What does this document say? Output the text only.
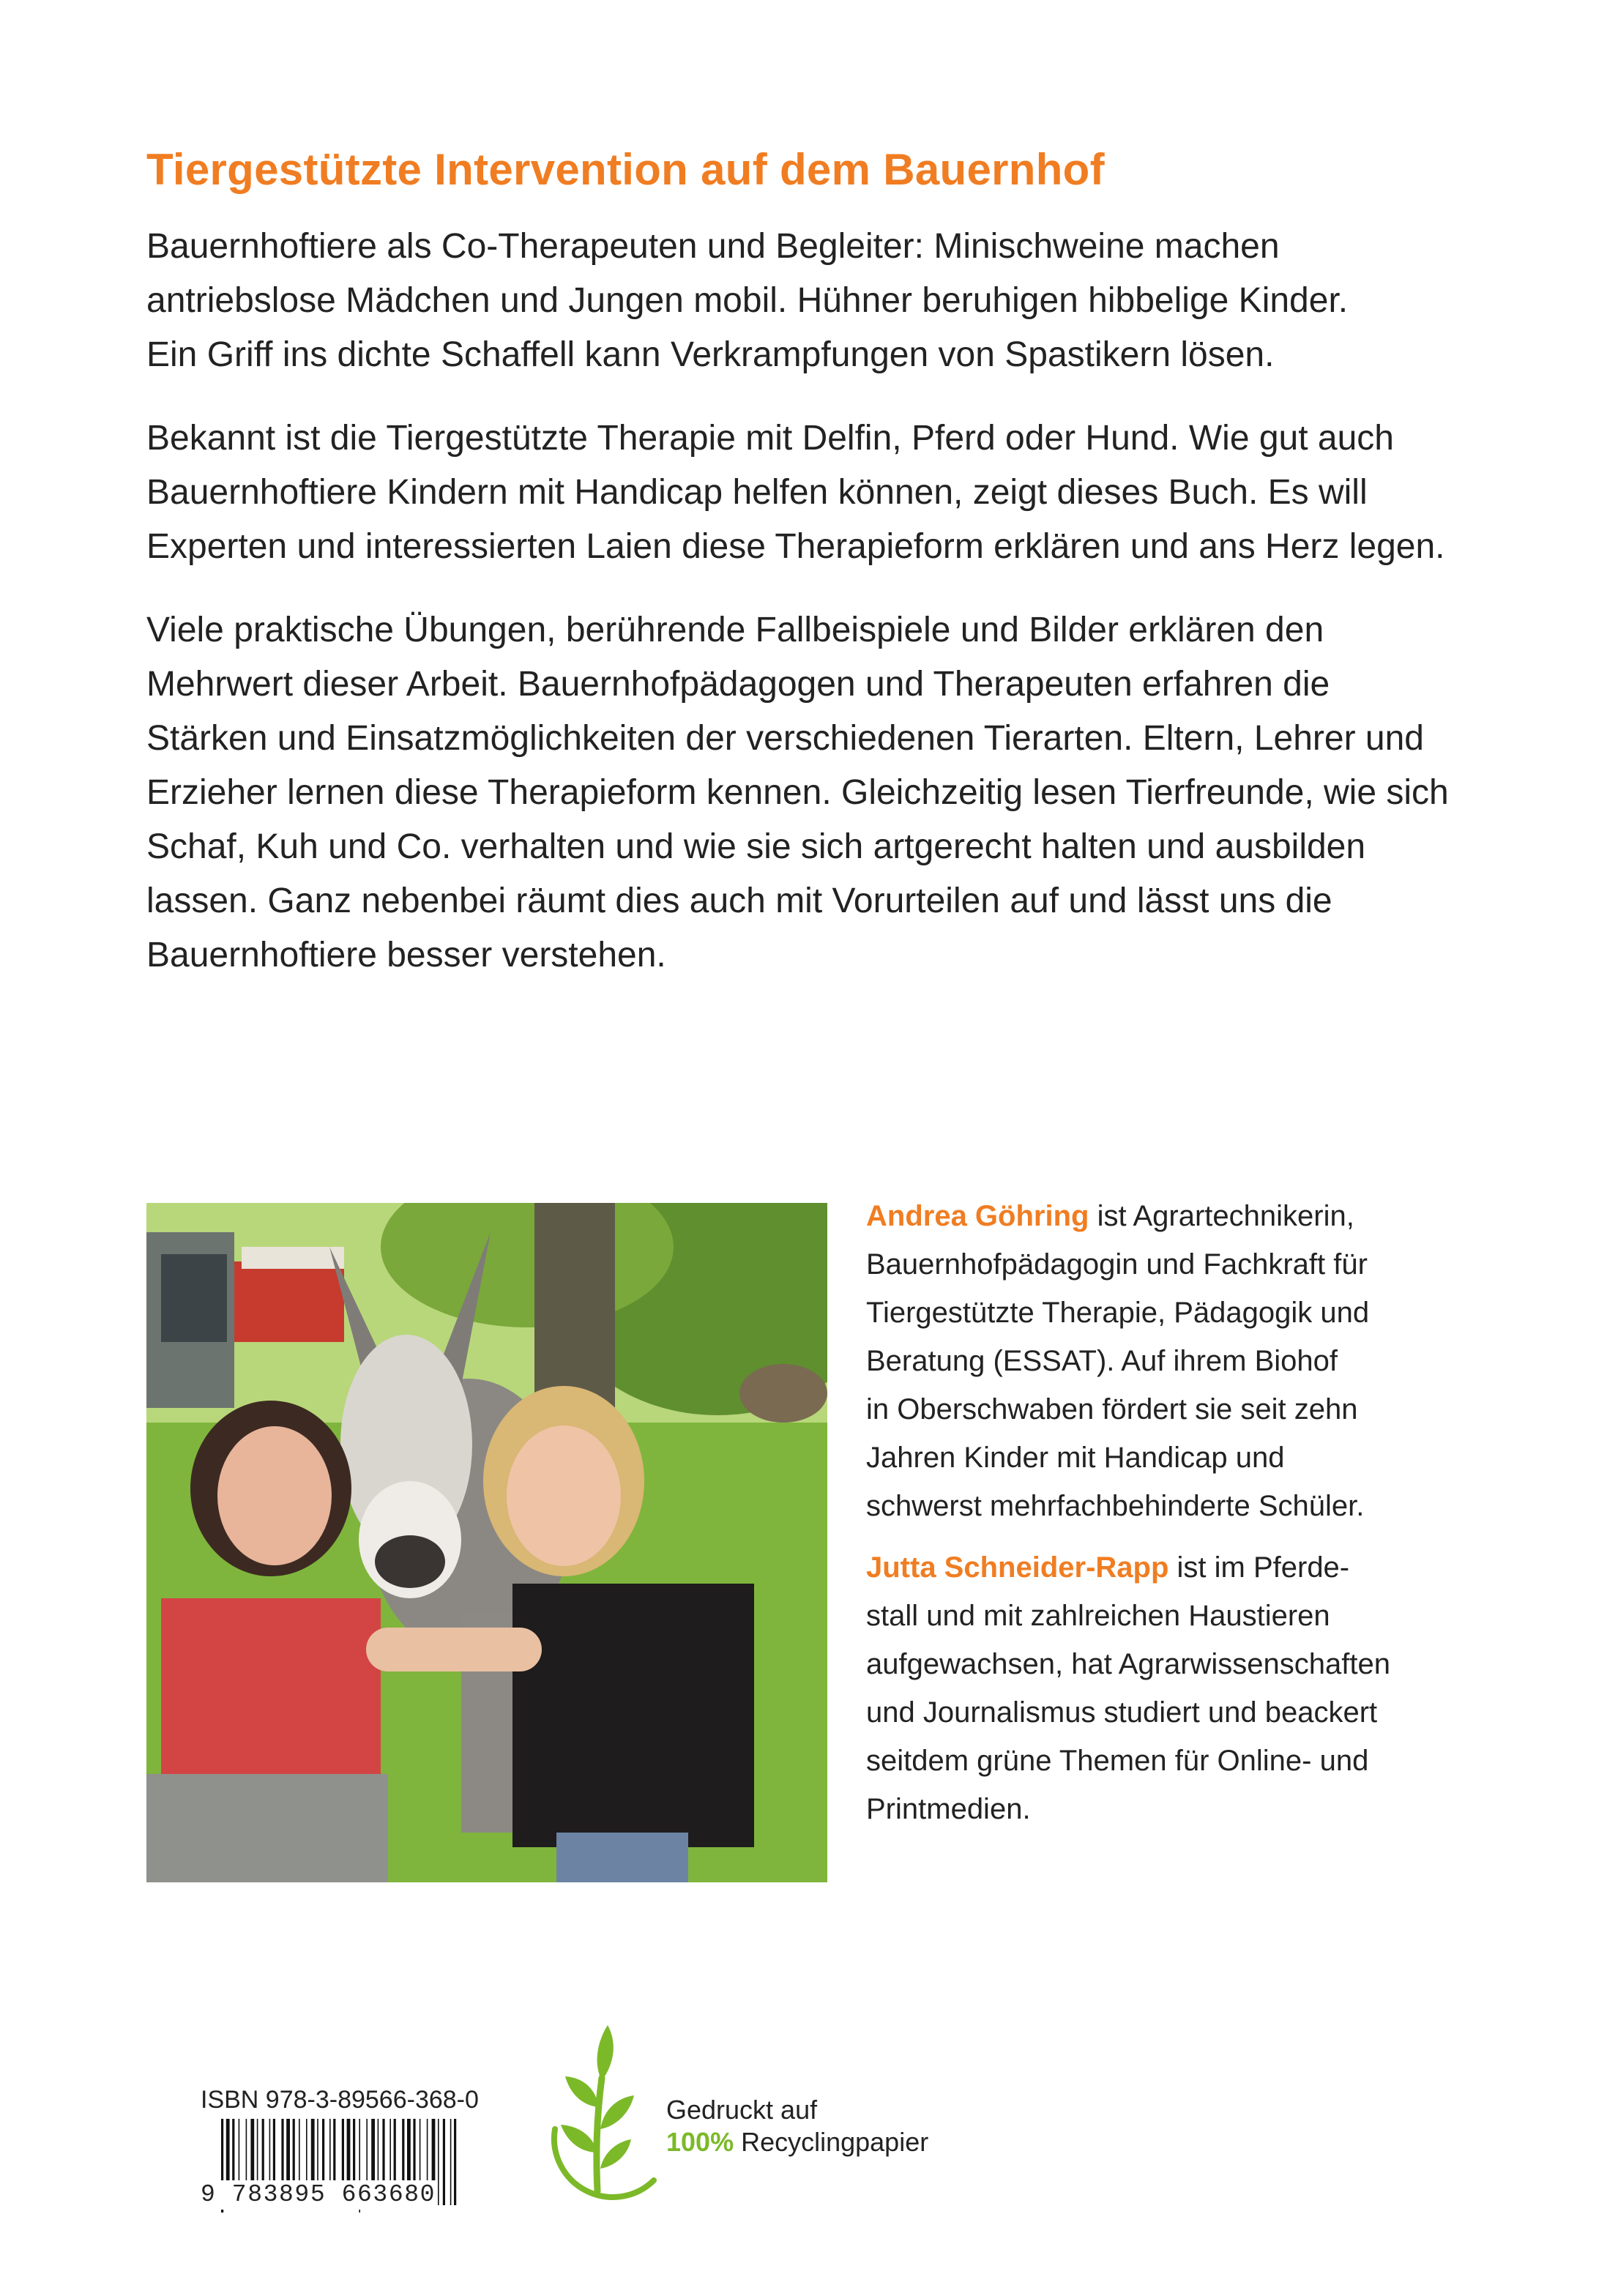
Tiergestützte Intervention auf dem Bauernhof

Bauernhoftiere als Co-Therapeuten und Begleiter: Minischweine machen
antriebslose Mädchen und Jungen mobil. Hühner beruhigen hibbelige Kinder.
Ein Griff ins dichte Schaffell kann Verkrampfungen von Spastikern lösen.

Bekannt ist die Tiergestützte Therapie mit Delfin, Pferd oder Hund. Wie gut auch
Bauernhoftiere Kindern mit Handicap helfen können, zeigt dieses Buch. Es will
Experten und interessierten Laien diese Therapieform erklären und ans Herz legen.

Viele praktische Übungen, berührende Fallbeispiele und Bilder erklären den
Mehrwert dieser Arbeit. Bauernhofpädagogen und Therapeuten erfahren die
Stärken und Einsatzmöglichkeiten der verschiedenen Tierarten. Eltern, Lehrer und
Erzieher lernen diese Therapieform kennen. Gleichzeitig lesen Tierfreunde, wie sich
Schaf, Kuh und Co. verhalten und wie sie sich artgerecht halten und ausbilden
lassen. Ganz nebenbei räumt dies auch mit Vorurteilen auf und lässt uns die
Bauernhoftiere besser verstehen.

Andrea Göhring ist Agrartechnikerin,
Bauernhofpädagogin und Fachkraft für
Tiergestützte Therapie, Pädagogik und
Beratung (ESSAT). Auf ihrem Biohof
in Oberschwaben fördert sie seit zehn
Jahren Kinder mit Handicap und
schwerst mehrfachbehinderte Schüler.

Jutta Schneider-Rapp ist im Pferde-
stall und mit zahlreichen Haustieren
aufgewachsen, hat Agrarwissenschaften
und Journalismus studiert und beackert
seitdem grüne Themen für Online- und
Printmedien.

ISBN 978-3-89566-368-0
9 783895 663680
Gedruckt auf
100% Recyclingpapier
